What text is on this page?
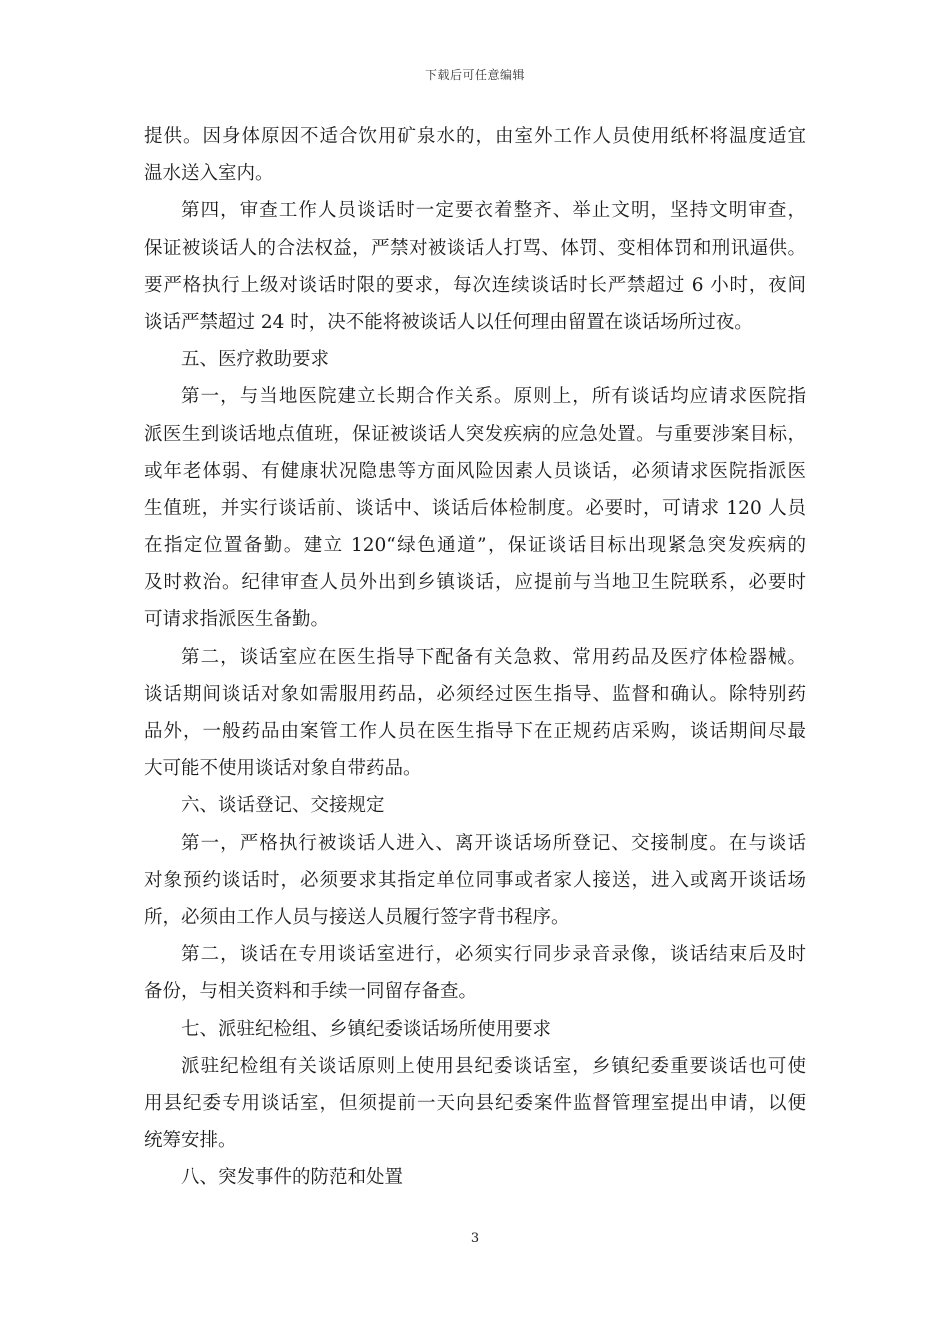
下载后可任意编辑
提供。因身体原因不适合饮用矿泉水的，由室外工作人员使用纸杯将温度适宜
温水送入室内。
第四，审查工作人员谈话时一定要衣着整齐、举止文明，坚持文明审查，
保证被谈话人的合法权益，严禁对被谈话人打骂、体罚、变相体罚和刑讯逼供。
要严格执行上级对谈话时限的要求，每次连续谈话时长严禁超过 6 小时，夜间
谈话严禁超过 24 时，决不能将被谈话人以任何理由留置在谈话场所过夜。
五、医疗救助要求
第一，与当地医院建立长期合作关系。原则上，所有谈话均应请求医院指
派医生到谈话地点值班，保证被谈话人突发疾病的应急处置。与重要涉案目标，
或年老体弱、有健康状况隐患等方面风险因素人员谈话，必须请求医院指派医
生值班，并实行谈话前、谈话中、谈话后体检制度。必要时，可请求 120 人员
在指定位置备勤。建立 120“绿色通道”，保证谈话目标出现紧急突发疾病的
及时救治。纪律审查人员外出到乡镇谈话，应提前与当地卫生院联系，必要时
可请求指派医生备勤。
第二，谈话室应在医生指导下配备有关急救、常用药品及医疗体检器械。
谈话期间谈话对象如需服用药品，必须经过医生指导、监督和确认。除特别药
品外，一般药品由案管工作人员在医生指导下在正规药店采购，谈话期间尽最
大可能不使用谈话对象自带药品。
六、谈话登记、交接规定
第一，严格执行被谈话人进入、离开谈话场所登记、交接制度。在与谈话
对象预约谈话时，必须要求其指定单位同事或者家人接送，进入或离开谈话场
所，必须由工作人员与接送人员履行签字背书程序。
第二，谈话在专用谈话室进行，必须实行同步录音录像，谈话结束后及时
备份，与相关资料和手续一同留存备查。
七、派驻纪检组、乡镇纪委谈话场所使用要求
派驻纪检组有关谈话原则上使用县纪委谈话室，乡镇纪委重要谈话也可使
用县纪委专用谈话室，但须提前一天向县纪委案件监督管理室提出申请，以便
统筹安排。
八、突发事件的防范和处置
3
